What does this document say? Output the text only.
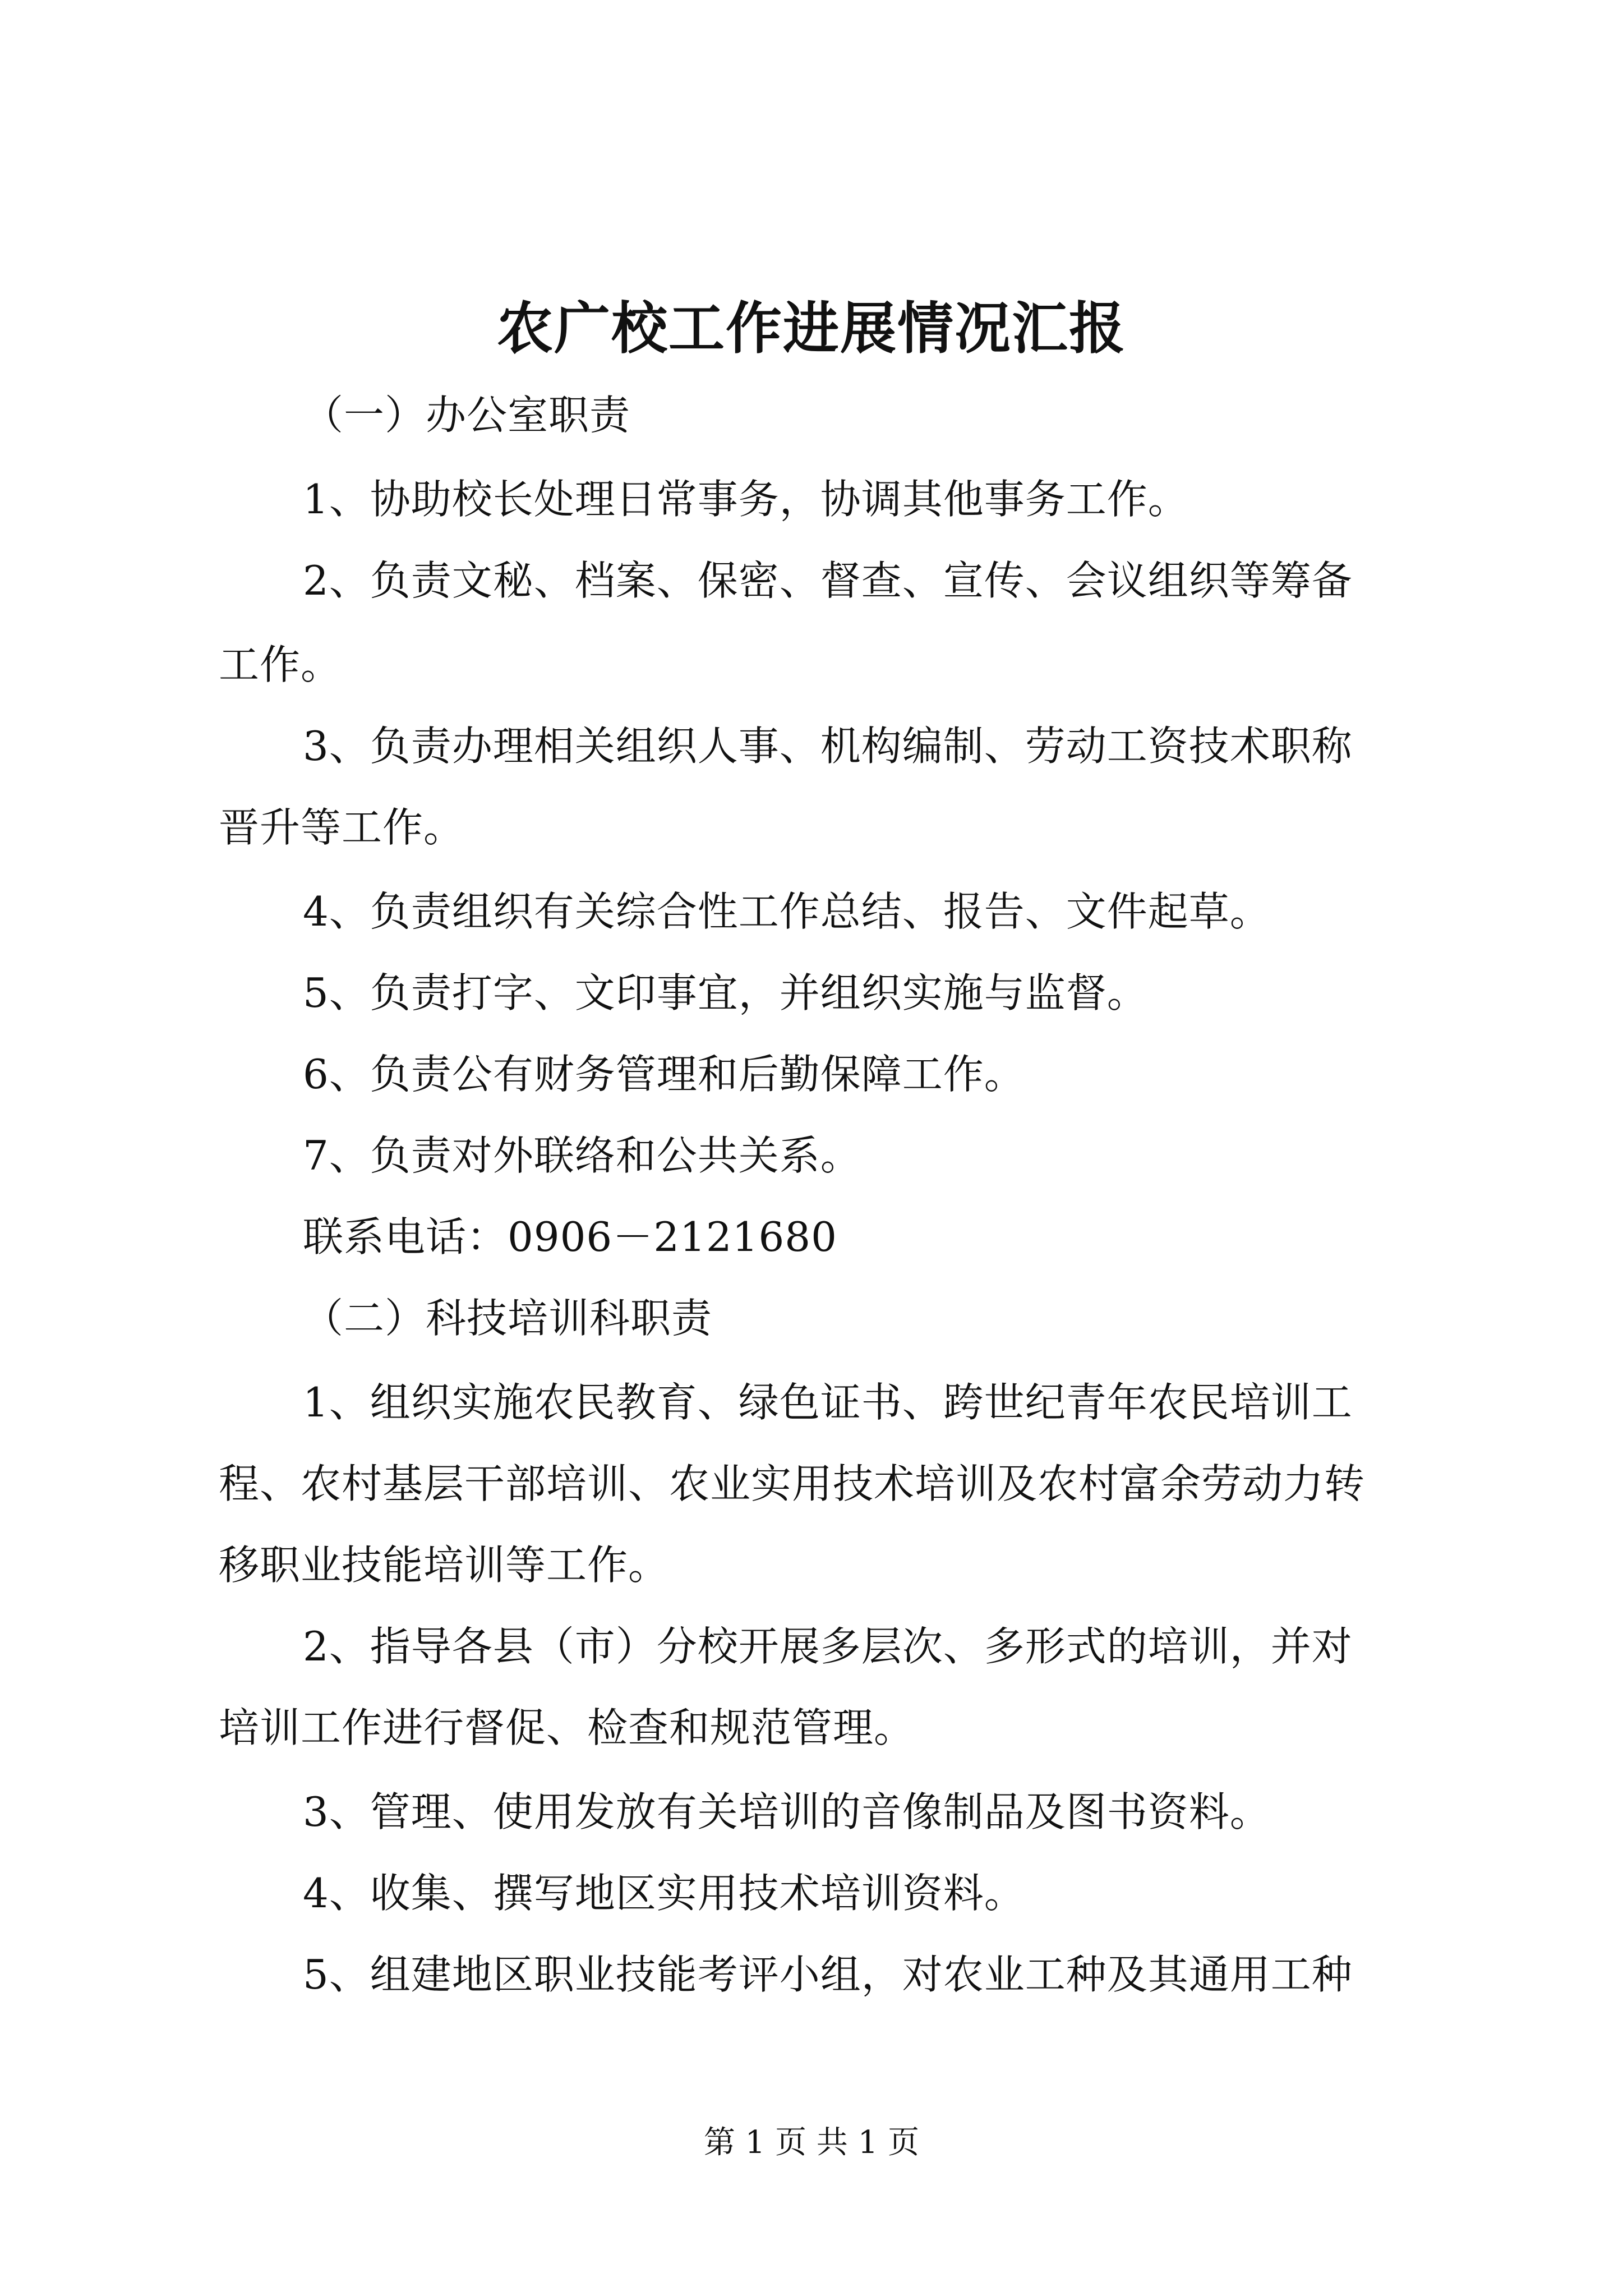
农广校工作进展情况汇报
（一）办公室职责
1、协助校长处理日常事务，协调其他事务工作。
2、负责文秘、档案、保密、督查、宣传、会议组织等筹备
工作。
3、负责办理相关组织人事、机构编制、劳动工资技术职称
晋升等工作。
4、负责组织有关综合性工作总结、报告、文件起草。
5、负责打字、文印事宜，并组织实施与监督。
6、负责公有财务管理和后勤保障工作。
7、负责对外联络和公共关系。
联系电话：0906－2121680
（二）科技培训科职责
1、组织实施农民教育、绿色证书、跨世纪青年农民培训工
程、农村基层干部培训、农业实用技术培训及农村富余劳动力转
移职业技能培训等工作。
2、指导各县（市）分校开展多层次、多形式的培训，并对
培训工作进行督促、检查和规范管理。
3、管理、使用发放有关培训的音像制品及图书资料。
4、收集、撰写地区实用技术培训资料。
5、组建地区职业技能考评小组，对农业工种及其通用工种
第 1 页 共 1 页
